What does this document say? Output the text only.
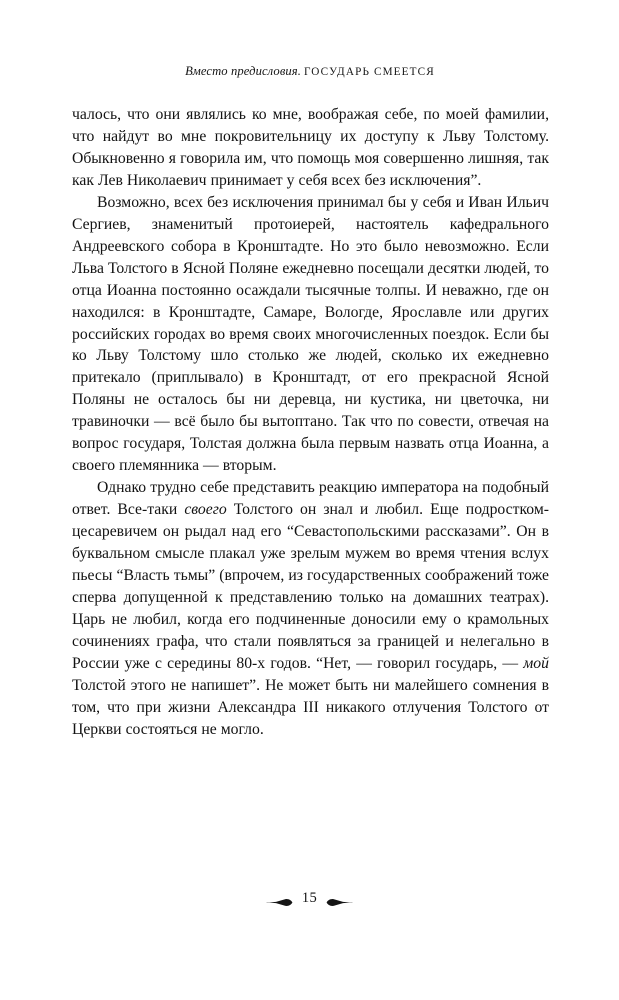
Вместо предисловия. ГОСУДАРЬ СМЕЕТСЯ

чалось, что они являлись ко мне, воображая себе, по моей фамилии, что найдут во мне покровительницу их доступу к Льву Толстому. Обыкновенно я говорила им, что помощь моя совершенно лишняя, так как Лев Николаевич принимает у себя всех без исключения”.

Возможно, всех без исключения принимал бы у себя и Иван Ильич Сергиев, знаменитый протоиерей, настоятель кафедрального Андреевского собора в Кронштадте. Но это было невозможно. Если Льва Толстого в Ясной Поляне ежедневно посещали десятки людей, то отца Иоанна постоянно осаждали тысячные толпы. И неважно, где он находился: в Кронштадте, Самаре, Вологде, Ярославле или других российских городах во время своих многочисленных поездок. Если бы ко Льву Толстому шло столько же людей, сколько их ежедневно притекало (приплывало) в Кронштадт, от его прекрасной Ясной Поляны не осталось бы ни деревца, ни кустика, ни цветочка, ни травиночки — всё было бы вытоптано. Так что по совести, отвечая на вопрос государя, Толстая должна была первым назвать отца Иоанна, а своего племянника — вторым.

Однако трудно себе представить реакцию императора на подобный ответ. Все-таки своего Толстого он знал и любил. Еще подростком-цесаревичем он рыдал над его “Севастопольскими рассказами”. Он в буквальном смысле плакал уже зрелым мужем во время чтения вслух пьесы “Власть тьмы” (впрочем, из государственных соображений тоже сперва допущенной к представлению только на домашних театрах). Царь не любил, когда его подчиненные доносили ему о крамольных сочинениях графа, что стали появляться за границей и нелегально в России уже с середины 80-х годов. “Нет, — говорил государь, — мой Толстой этого не напишет”. Не может быть ни малейшего сомнения в том, что при жизни Александра III никакого отлучения Толстого от Церкви состояться не могло.

15
